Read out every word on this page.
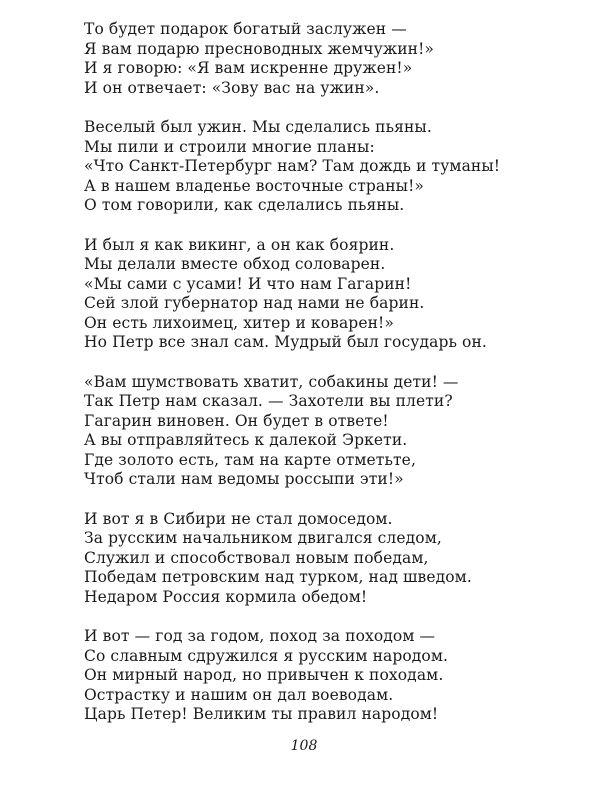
То будет подарок богатый заслужен —
Я вам подарю пресноводных жемчужин!»
И я говорю: «Я вам искренне дружен!»
И он отвечает: «Зову вас на ужин».
Веселый был ужин. Мы сделались пьяны.
Мы пили и строили многие планы:
«Что Санкт-Петербург нам? Там дождь и туманы!
А в нашем владенье восточные страны!»
О том говорили, как сделались пьяны.
И был я как викинг, а он как боярин.
Мы делали вместе обход соловарен.
«Мы сами с усами! И что нам Гагарин!
Сей злой губернатор над нами не барин.
Он есть лихоимец, хитер и коварен!»
Но Петр все знал сам. Мудрый был государь он.
«Вам шумствовать хватит, собакины дети! —
Так Петр нам сказал. — Захотели вы плети?
Гагарин виновен. Он будет в ответе!
А вы отправляйтесь к далекой Эркети.
Где золото есть, там на карте отметьте,
Чтоб стали нам ведомы россыпи эти!»
И вот я в Сибири не стал домоседом.
За русским начальником двигался следом,
Служил и способствовал новым победам,
Победам петровским над турком, над шведом.
Недаром Россия кормила обедом!
И вот — год за годом, поход за походом —
Со славным сдружился я русским народом.
Он мирный народ, но привычен к походам.
Острастку и нашим он дал воеводам.
Царь Петер! Великим ты правил народом!
108
